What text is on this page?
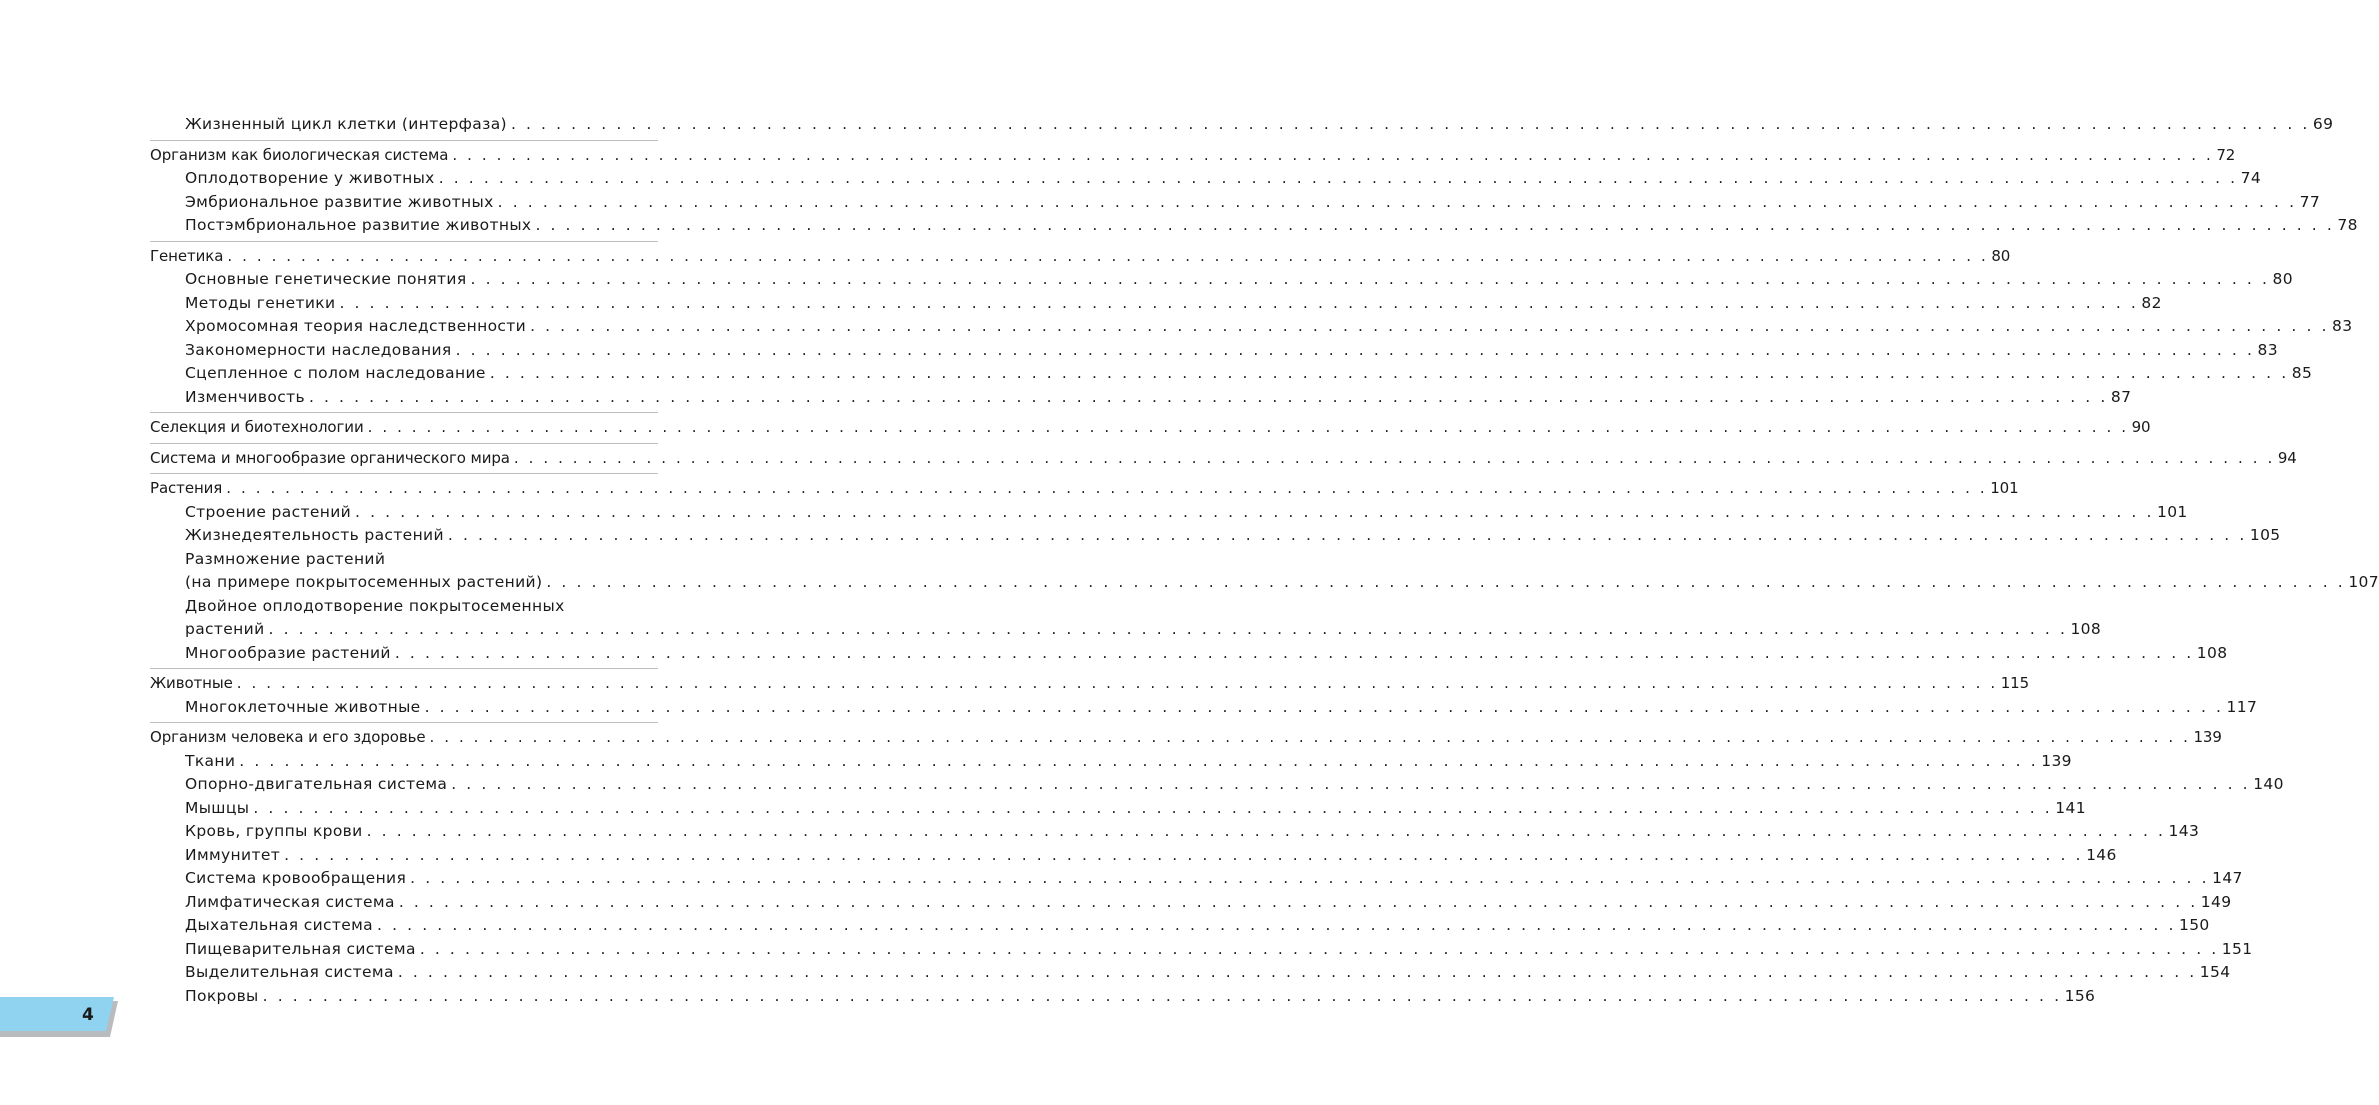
Жизненный цикл клетки (интерфаза) . . . . . . . . . . . . . . . . . . . . . . . . . . . . . . . . . . . . . . . . . . . . . . . . . . . . . . . . . . . . . . . . . . . . . . . . . . . . . . . . . . . . . . . . . . . . . . . . . . . . . . . . . . . . . . . . . . . . . . . . 69
Организм как биологическая система . . . . . . . . . . . . . . . . . . . . . . . . . . . . . . . . . . . . . . . . . . . . . . . . . . . . . . . . . . . . . . . . . . . . . . . . . . . . . . . . . . . . . . . . . . . . . . . . . . . . . . . . . . . . . . . . . . . . . . . . 72
Оплодотворение у животных . . . . . . . . . . . . . . . . . . . . . . . . . . . . . . . . . . . . . . . . . . . . . . . . . . . . . . . . . . . . . . . . . . . . . . . . . . . . . . . . . . . . . . . . . . . . . . . . . . . . . . . . . . . . . . . . . . . . . . . . 74
Эмбриональное развитие животных . . . . . . . . . . . . . . . . . . . . . . . . . . . . . . . . . . . . . . . . . . . . . . . . . . . . . . . . . . . . . . . . . . . . . . . . . . . . . . . . . . . . . . . . . . . . . . . . . . . . . . . . . . . . . . . . . . . . . . . . 77
Постэмбриональное развитие животных . . . . . . . . . . . . . . . . . . . . . . . . . . . . . . . . . . . . . . . . . . . . . . . . . . . . . . . . . . . . . . . . . . . . . . . . . . . . . . . . . . . . . . . . . . . . . . . . . . . . . . . . . . . . . . . . . . . . . . . . 78
Генетика . . . . . . . . . . . . . . . . . . . . . . . . . . . . . . . . . . . . . . . . . . . . . . . . . . . . . . . . . . . . . . . . . . . . . . . . . . . . . . . . . . . . . . . . . . . . . . . . . . . . . . . . . . . . . . . . . . . . . . . . 80
Основные генетические понятия . . . . . . . . . . . . . . . . . . . . . . . . . . . . . . . . . . . . . . . . . . . . . . . . . . . . . . . . . . . . . . . . . . . . . . . . . . . . . . . . . . . . . . . . . . . . . . . . . . . . . . . . . . . . . . . . . . . . . . . . 80
Методы генетики . . . . . . . . . . . . . . . . . . . . . . . . . . . . . . . . . . . . . . . . . . . . . . . . . . . . . . . . . . . . . . . . . . . . . . . . . . . . . . . . . . . . . . . . . . . . . . . . . . . . . . . . . . . . . . . . . . . . . . . . 82
Хромосомная теория наследственности . . . . . . . . . . . . . . . . . . . . . . . . . . . . . . . . . . . . . . . . . . . . . . . . . . . . . . . . . . . . . . . . . . . . . . . . . . . . . . . . . . . . . . . . . . . . . . . . . . . . . . . . . . . . . . . . . . . . . . . . 83
Закономерности наследования . . . . . . . . . . . . . . . . . . . . . . . . . . . . . . . . . . . . . . . . . . . . . . . . . . . . . . . . . . . . . . . . . . . . . . . . . . . . . . . . . . . . . . . . . . . . . . . . . . . . . . . . . . . . . . . . . . . . . . . . 83
Сцепленное с полом наследование . . . . . . . . . . . . . . . . . . . . . . . . . . . . . . . . . . . . . . . . . . . . . . . . . . . . . . . . . . . . . . . . . . . . . . . . . . . . . . . . . . . . . . . . . . . . . . . . . . . . . . . . . . . . . . . . . . . . . . . . 85
Изменчивость . . . . . . . . . . . . . . . . . . . . . . . . . . . . . . . . . . . . . . . . . . . . . . . . . . . . . . . . . . . . . . . . . . . . . . . . . . . . . . . . . . . . . . . . . . . . . . . . . . . . . . . . . . . . . . . . . . . . . . . . 87
Селекция и биотехнологии . . . . . . . . . . . . . . . . . . . . . . . . . . . . . . . . . . . . . . . . . . . . . . . . . . . . . . . . . . . . . . . . . . . . . . . . . . . . . . . . . . . . . . . . . . . . . . . . . . . . . . . . . . . . . . . . . . . . . . . . 90
Система и многообразие органического мира . . . . . . . . . . . . . . . . . . . . . . . . . . . . . . . . . . . . . . . . . . . . . . . . . . . . . . . . . . . . . . . . . . . . . . . . . . . . . . . . . . . . . . . . . . . . . . . . . . . . . . . . . . . . . . . . . . . . . . . . 94
Растения . . . . . . . . . . . . . . . . . . . . . . . . . . . . . . . . . . . . . . . . . . . . . . . . . . . . . . . . . . . . . . . . . . . . . . . . . . . . . . . . . . . . . . . . . . . . . . . . . . . . . . . . . . . . . . . . . . . . . . . . 101
Строение растений . . . . . . . . . . . . . . . . . . . . . . . . . . . . . . . . . . . . . . . . . . . . . . . . . . . . . . . . . . . . . . . . . . . . . . . . . . . . . . . . . . . . . . . . . . . . . . . . . . . . . . . . . . . . . . . . . . . . . . . . 101
Жизнедеятельность растений . . . . . . . . . . . . . . . . . . . . . . . . . . . . . . . . . . . . . . . . . . . . . . . . . . . . . . . . . . . . . . . . . . . . . . . . . . . . . . . . . . . . . . . . . . . . . . . . . . . . . . . . . . . . . . . . . . . . . . . . 105
Размножение растений
(на примере покрытосеменных растений) . . . . . . . . . . . . . . . . . . . . . . . . . . . . . . . . . . . . . . . . . . . . . . . . . . . . . . . . . . . . . . . . . . . . . . . . . . . . . . . . . . . . . . . . . . . . . . . . . . . . . . . . . . . . . . . . . . . . . . . . 107
Двойное оплодотворение покрытосеменных
растений . . . . . . . . . . . . . . . . . . . . . . . . . . . . . . . . . . . . . . . . . . . . . . . . . . . . . . . . . . . . . . . . . . . . . . . . . . . . . . . . . . . . . . . . . . . . . . . . . . . . . . . . . . . . . . . . . . . . . . . . 108
Многообразие растений . . . . . . . . . . . . . . . . . . . . . . . . . . . . . . . . . . . . . . . . . . . . . . . . . . . . . . . . . . . . . . . . . . . . . . . . . . . . . . . . . . . . . . . . . . . . . . . . . . . . . . . . . . . . . . . . . . . . . . . . 108
Животные . . . . . . . . . . . . . . . . . . . . . . . . . . . . . . . . . . . . . . . . . . . . . . . . . . . . . . . . . . . . . . . . . . . . . . . . . . . . . . . . . . . . . . . . . . . . . . . . . . . . . . . . . . . . . . . . . . . . . . . . 115
Многоклеточные животные . . . . . . . . . . . . . . . . . . . . . . . . . . . . . . . . . . . . . . . . . . . . . . . . . . . . . . . . . . . . . . . . . . . . . . . . . . . . . . . . . . . . . . . . . . . . . . . . . . . . . . . . . . . . . . . . . . . . . . . . 117
Организм человека и его здоровье . . . . . . . . . . . . . . . . . . . . . . . . . . . . . . . . . . . . . . . . . . . . . . . . . . . . . . . . . . . . . . . . . . . . . . . . . . . . . . . . . . . . . . . . . . . . . . . . . . . . . . . . . . . . . . . . . . . . . . . . 139
Ткани . . . . . . . . . . . . . . . . . . . . . . . . . . . . . . . . . . . . . . . . . . . . . . . . . . . . . . . . . . . . . . . . . . . . . . . . . . . . . . . . . . . . . . . . . . . . . . . . . . . . . . . . . . . . . . . . . . . . . . . . 139
Опорно-двигательная система . . . . . . . . . . . . . . . . . . . . . . . . . . . . . . . . . . . . . . . . . . . . . . . . . . . . . . . . . . . . . . . . . . . . . . . . . . . . . . . . . . . . . . . . . . . . . . . . . . . . . . . . . . . . . . . . . . . . . . . . 140
Мышцы . . . . . . . . . . . . . . . . . . . . . . . . . . . . . . . . . . . . . . . . . . . . . . . . . . . . . . . . . . . . . . . . . . . . . . . . . . . . . . . . . . . . . . . . . . . . . . . . . . . . . . . . . . . . . . . . . . . . . . . . 141
Кровь, группы крови . . . . . . . . . . . . . . . . . . . . . . . . . . . . . . . . . . . . . . . . . . . . . . . . . . . . . . . . . . . . . . . . . . . . . . . . . . . . . . . . . . . . . . . . . . . . . . . . . . . . . . . . . . . . . . . . . . . . . . . . 143
Иммунитет . . . . . . . . . . . . . . . . . . . . . . . . . . . . . . . . . . . . . . . . . . . . . . . . . . . . . . . . . . . . . . . . . . . . . . . . . . . . . . . . . . . . . . . . . . . . . . . . . . . . . . . . . . . . . . . . . . . . . . . . 146
Система кровообращения . . . . . . . . . . . . . . . . . . . . . . . . . . . . . . . . . . . . . . . . . . . . . . . . . . . . . . . . . . . . . . . . . . . . . . . . . . . . . . . . . . . . . . . . . . . . . . . . . . . . . . . . . . . . . . . . . . . . . . . . 147
Лимфатическая система . . . . . . . . . . . . . . . . . . . . . . . . . . . . . . . . . . . . . . . . . . . . . . . . . . . . . . . . . . . . . . . . . . . . . . . . . . . . . . . . . . . . . . . . . . . . . . . . . . . . . . . . . . . . . . . . . . . . . . . . 149
Дыхательная система . . . . . . . . . . . . . . . . . . . . . . . . . . . . . . . . . . . . . . . . . . . . . . . . . . . . . . . . . . . . . . . . . . . . . . . . . . . . . . . . . . . . . . . . . . . . . . . . . . . . . . . . . . . . . . . . . . . . . . . . 150
Пищеварительная система . . . . . . . . . . . . . . . . . . . . . . . . . . . . . . . . . . . . . . . . . . . . . . . . . . . . . . . . . . . . . . . . . . . . . . . . . . . . . . . . . . . . . . . . . . . . . . . . . . . . . . . . . . . . . . . . . . . . . . . . 151
Выделительная система . . . . . . . . . . . . . . . . . . . . . . . . . . . . . . . . . . . . . . . . . . . . . . . . . . . . . . . . . . . . . . . . . . . . . . . . . . . . . . . . . . . . . . . . . . . . . . . . . . . . . . . . . . . . . . . . . . . . . . . . 154
Покровы . . . . . . . . . . . . . . . . . . . . . . . . . . . . . . . . . . . . . . . . . . . . . . . . . . . . . . . . . . . . . . . . . . . . . . . . . . . . . . . . . . . . . . . . . . . . . . . . . . . . . . . . . . . . . . . . . . . . . . . . 156
4
